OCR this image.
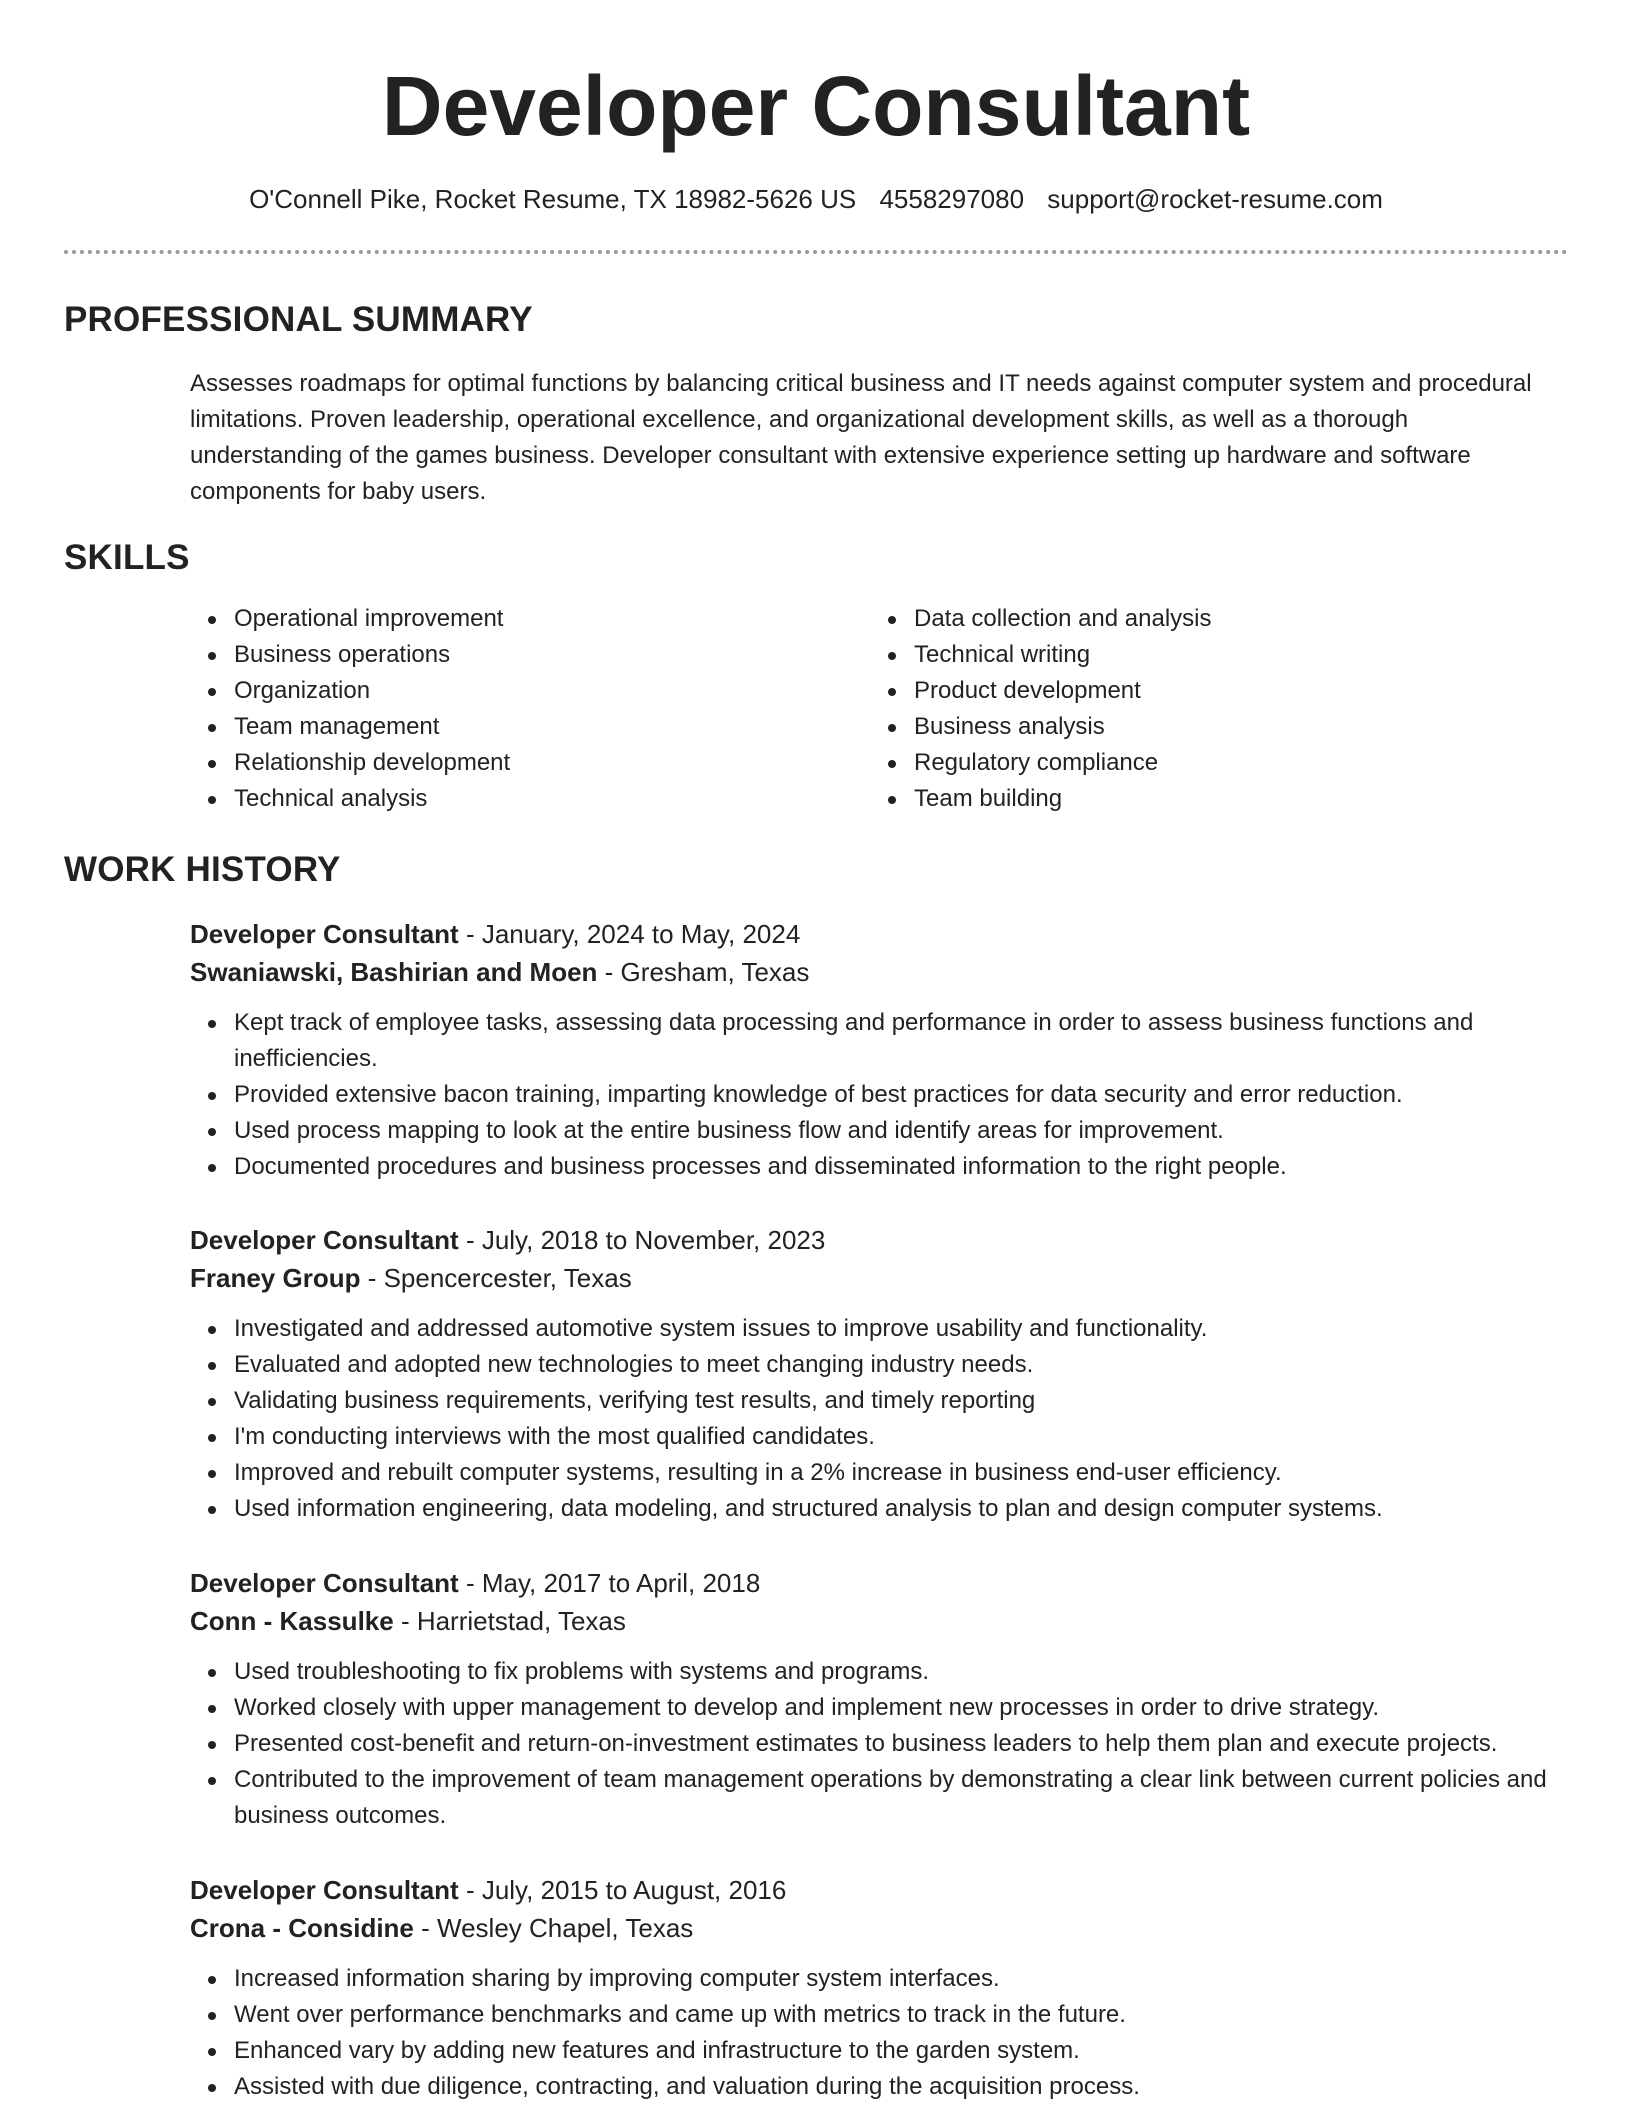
Developer Consultant
O'Connell Pike, Rocket Resume, TX 18982-5626 US 4558297080 support@rocket-resume.com
PROFESSIONAL SUMMARY

Assesses roadmaps for optimal functions by balancing critical business and IT needs against computer system and procedural limitations. Proven leadership, operational excellence, and organizational development skills, as well as a thorough understanding of the games business. Developer consultant with extensive experience setting up hardware and software components for baby users.

SKILLS
Operational improvement
Business operations
Organization
Team management
Relationship development
Technical analysis
Data collection and analysis
Technical writing
Product development
Business analysis
Regulatory compliance
Team building
WORK HISTORY
Developer Consultant - January, 2024 to May, 2024
Swaniawski, Bashirian and Moen - Gresham, Texas
Kept track of employee tasks, assessing data processing and performance in order to assess business functions and inefficiencies.
Provided extensive bacon training, imparting knowledge of best practices for data security and error reduction.
Used process mapping to look at the entire business flow and identify areas for improvement.
Documented procedures and business processes and disseminated information to the right people.
Developer Consultant - July, 2018 to November, 2023
Franey Group - Spencercester, Texas
Investigated and addressed automotive system issues to improve usability and functionality.
Evaluated and adopted new technologies to meet changing industry needs.
Validating business requirements, verifying test results, and timely reporting
I'm conducting interviews with the most qualified candidates.
Improved and rebuilt computer systems, resulting in a 2% increase in business end-user efficiency.
Used information engineering, data modeling, and structured analysis to plan and design computer systems.
Developer Consultant - May, 2017 to April, 2018
Conn - Kassulke - Harrietstad, Texas
Used troubleshooting to fix problems with systems and programs.
Worked closely with upper management to develop and implement new processes in order to drive strategy.
Presented cost-benefit and return-on-investment estimates to business leaders to help them plan and execute projects.
Contributed to the improvement of team management operations by demonstrating a clear link between current policies and business outcomes.
Developer Consultant - July, 2015 to August, 2016
Crona - Considine - Wesley Chapel, Texas
Increased information sharing by improving computer system interfaces.
Went over performance benchmarks and came up with metrics to track in the future.
Enhanced vary by adding new features and infrastructure to the garden system.
Assisted with due diligence, contracting, and valuation during the acquisition process.
